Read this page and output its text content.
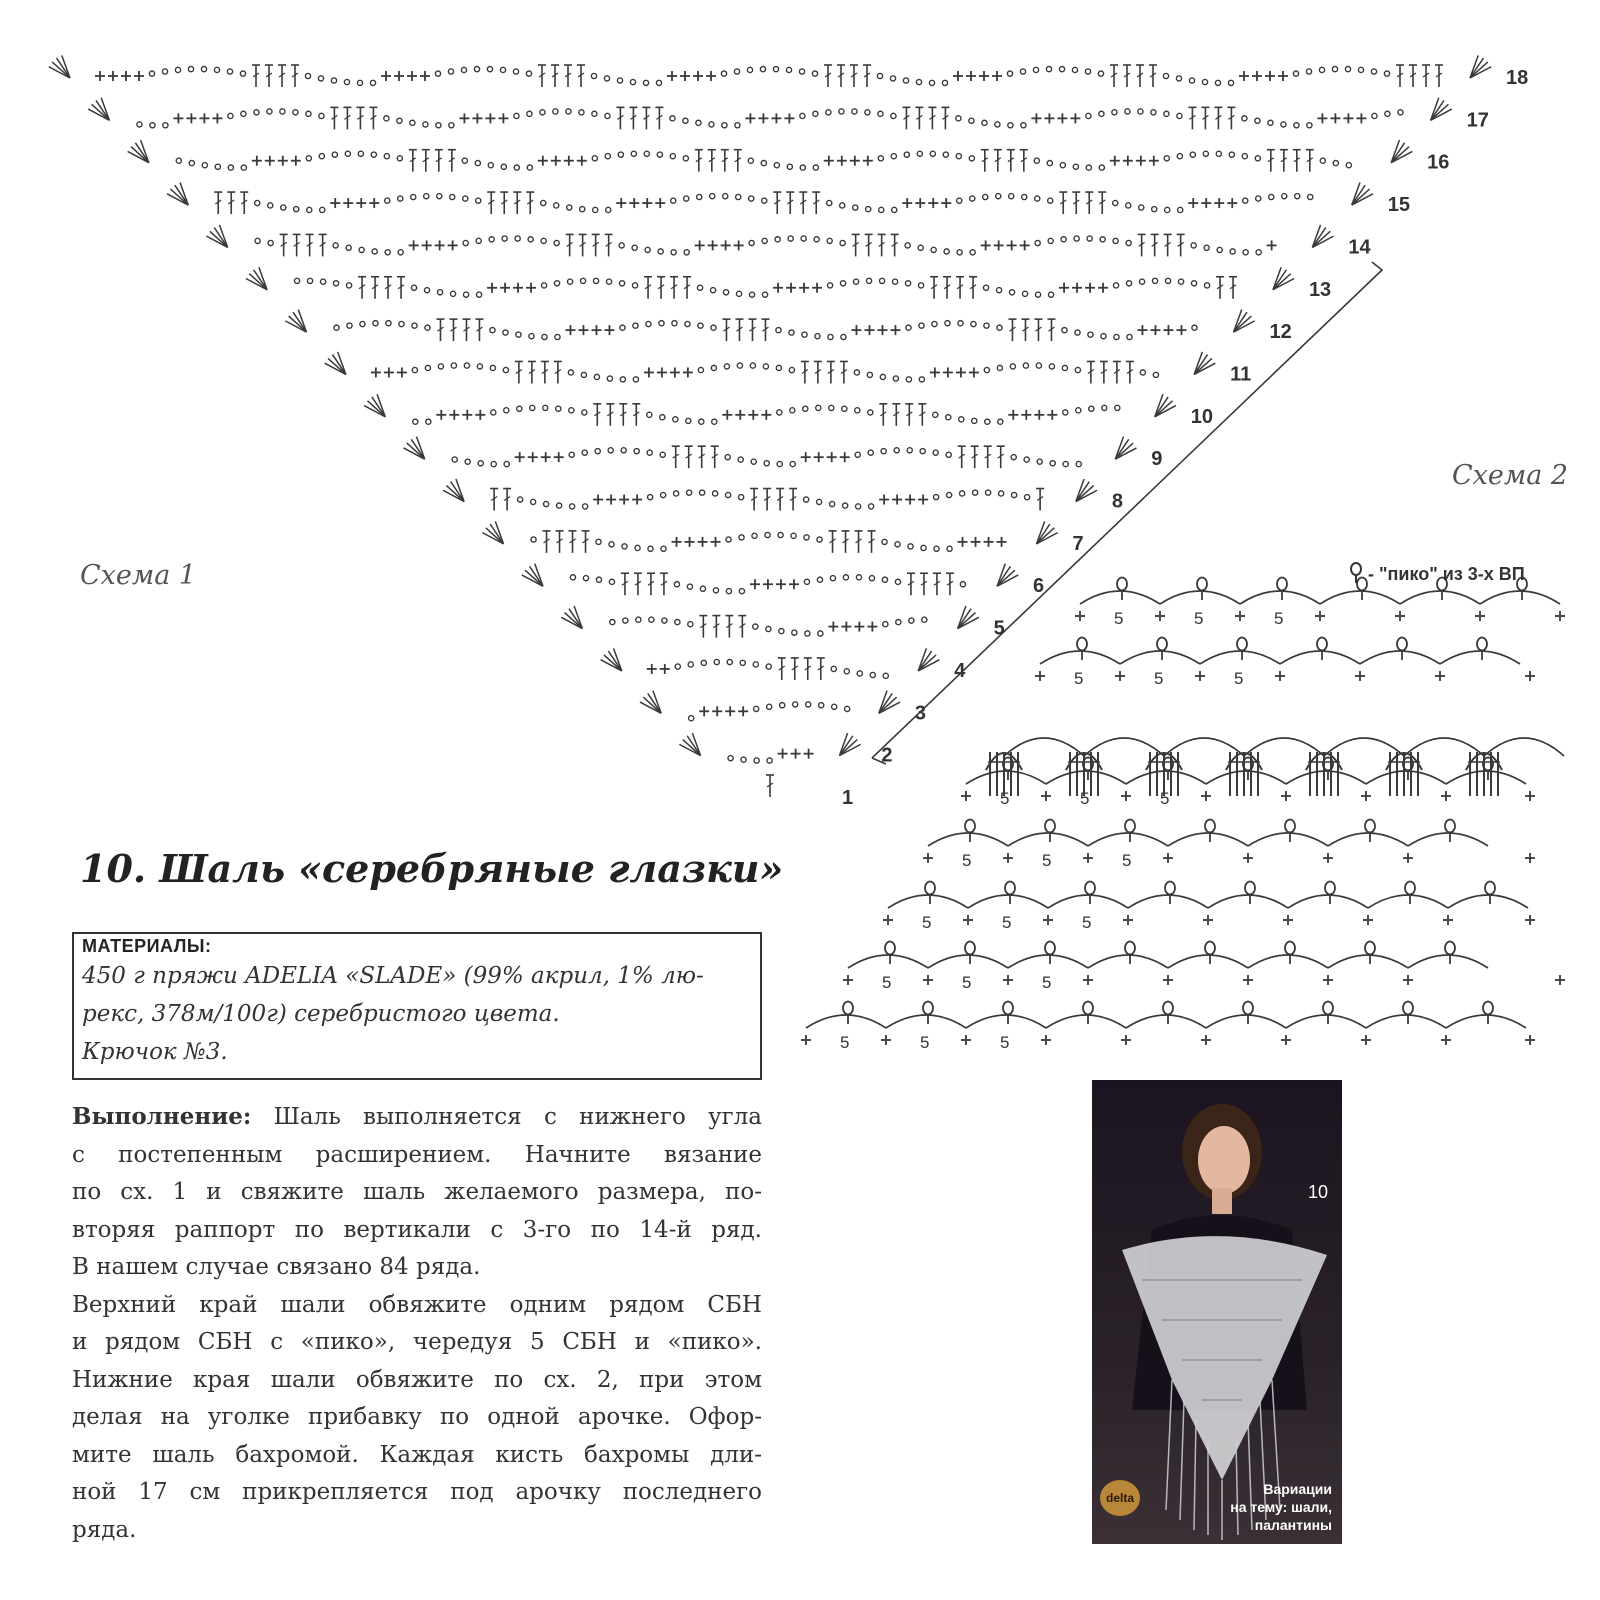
1
2
3
4
5
6
7
8
9
10
11
12
13
14
15
16
17
18
5	5	5
5	5	5
5	5	5
5	5	5
5	5	5
5	5	5
5	5	5
Схема 1
Схема 2
- "пико" из 3-х ВП
10. Шаль «серебряные глазки»
МАТЕРИАЛЫ:
450 г пряжи ADELIA «SLADE» (99% акрил, 1% лю-
рекс, 378м/100г) серебристого цвета.
Крючок №3.
Выполнение: Шаль выполняется с нижнего угла
с постепенным расширением. Начните вязание
по сх. 1 и свяжите шаль желаемого размера, по-
вторяя раппорт по вертикали с 3-го по 14-й ряд.
В нашем случае связано 84 ряда.
Верхний край шали обвяжите одним рядом СБН
и рядом СБН с «пико», чередуя 5 СБН и «пико».
Нижние края шали обвяжите по сх. 2, при этом
делая на уголке прибавку по одной арочке. Офор-
мите шаль бахромой. Каждая кисть бахромы дли-
ной 17 см прикрепляется под арочку последнего
ряда.
10
delta
Вариации
на тему: шали,
палантины
